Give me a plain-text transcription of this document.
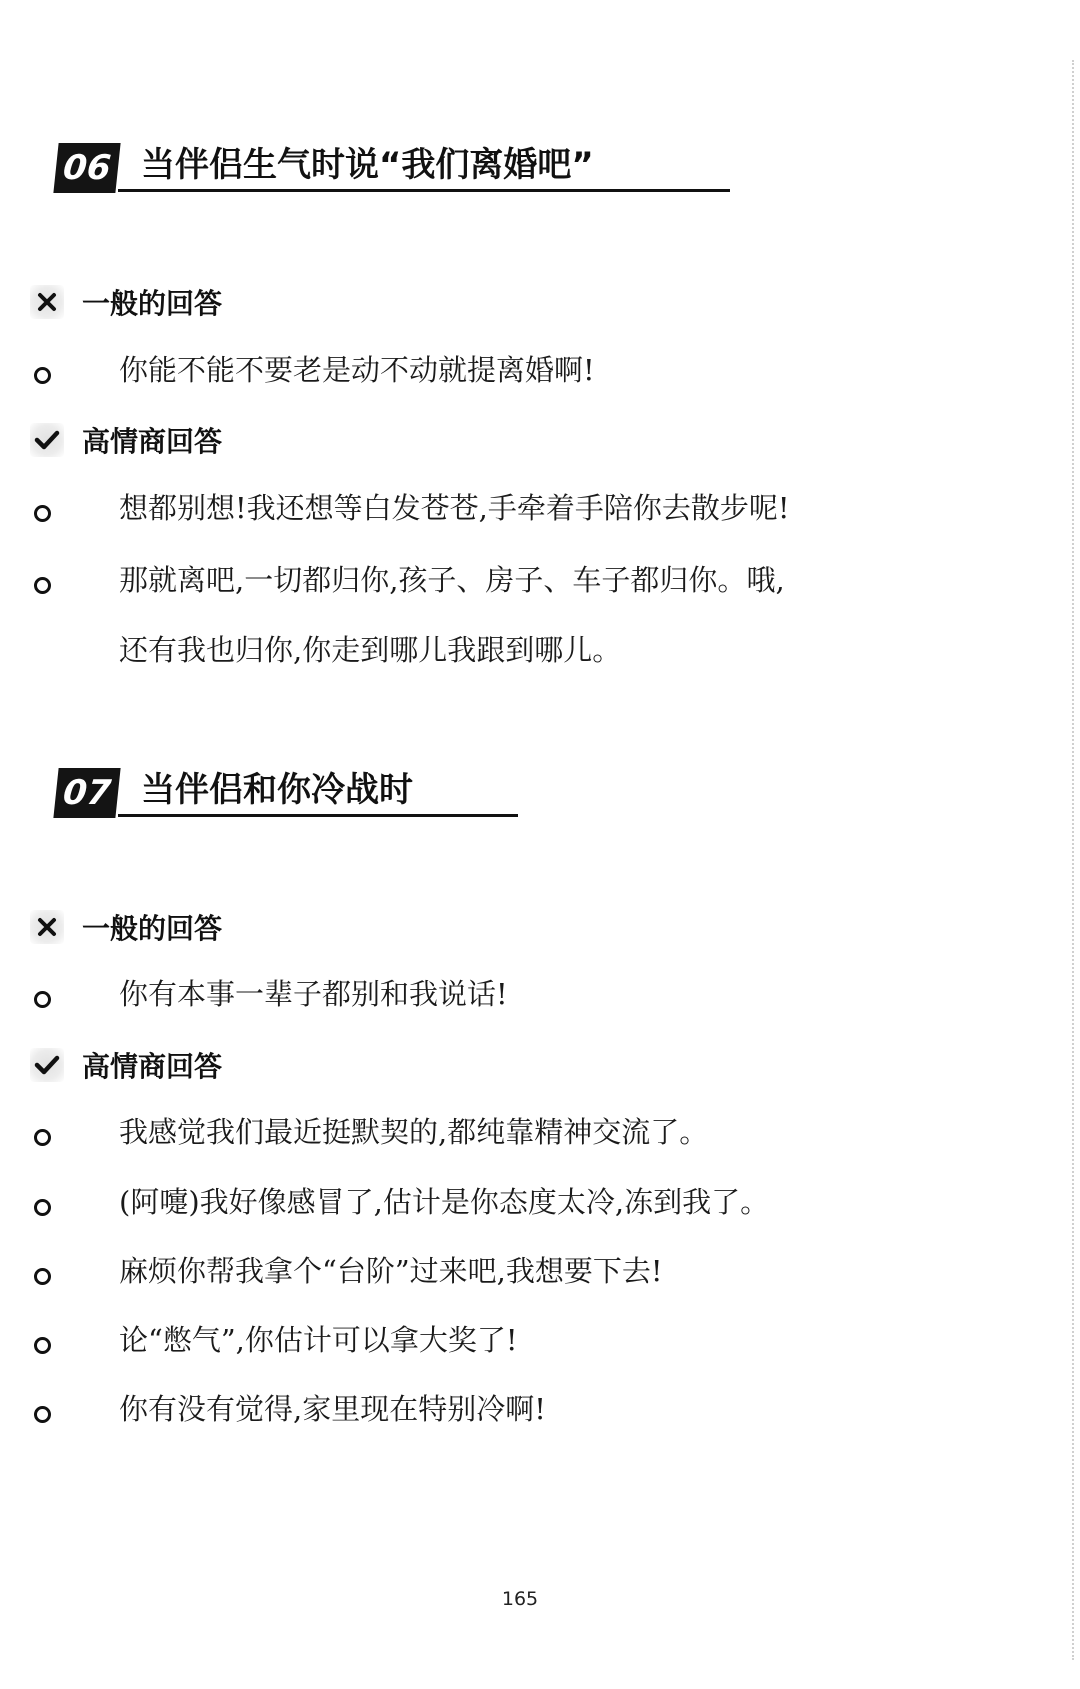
06 当伴侣生气时说“我们离婚吧”
一般的回答
你能不能不要老是动不动就提离婚啊!
高情商回答
想都别想!我还想等白发苍苍,手牵着手陪你去散步呢!
那就离吧,一切都归你,孩子、房子、车子都归你。哦,
还有我也归你,你走到哪儿我跟到哪儿。
07 当伴侣和你冷战时
一般的回答
你有本事一辈子都别和我说话!
高情商回答
我感觉我们最近挺默契的,都纯靠精神交流了。
(阿嚏)我好像感冒了,估计是你态度太冷,冻到我了。
麻烦你帮我拿个“台阶”过来吧,我想要下去!
论“憋气”,你估计可以拿大奖了!
你有没有觉得,家里现在特别冷啊!
165
